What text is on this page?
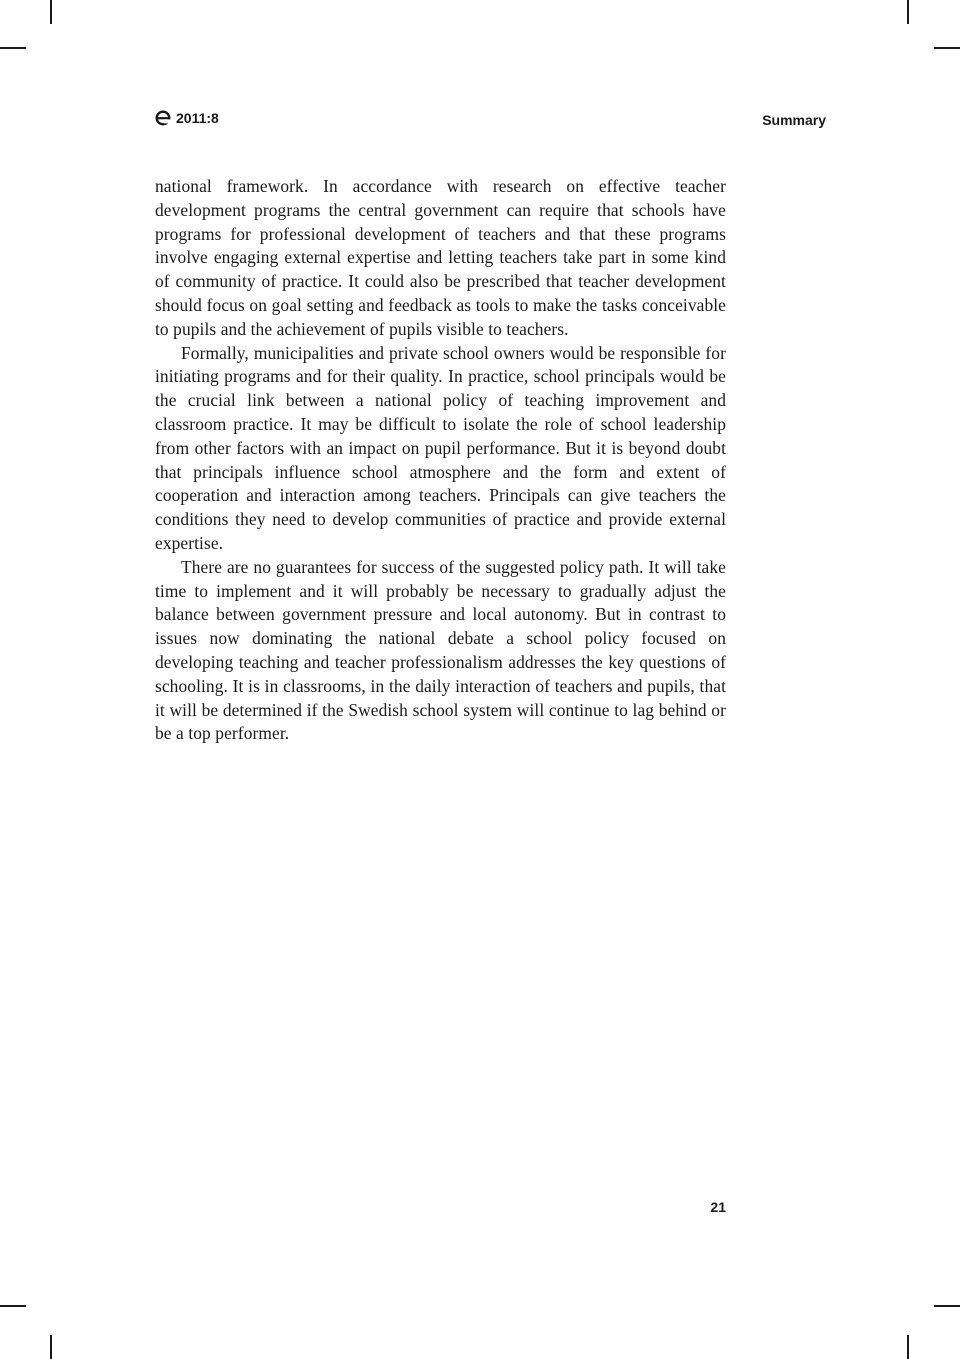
2011:8	Summary

national framework. In accordance with research on effective teacher development programs the central government can require that schools have programs for professional development of teachers and that these programs involve engaging external expertise and letting teachers take part in some kind of community of practice. It could also be prescribed that teacher development should focus on goal setting and feedback as tools to make the tasks conceivable to pupils and the achievement of pupils visible to teachers.

Formally, municipalities and private school owners would be responsible for initiating programs and for their quality. In practice, school principals would be the crucial link between a national policy of teaching improvement and classroom practice. It may be difficult to isolate the role of school leadership from other factors with an impact on pupil performance. But it is beyond doubt that principals influence school atmosphere and the form and extent of cooperation and interaction among teachers. Principals can give teachers the conditions they need to develop communities of practice and provide external expertise.

There are no guarantees for success of the suggested policy path. It will take time to implement and it will probably be necessary to gradually adjust the balance between government pressure and local autonomy. But in contrast to issues now dominating the national debate a school policy focused on developing teaching and teacher professionalism addresses the key questions of schooling. It is in classrooms, in the daily interaction of teachers and pupils, that it will be determined if the Swedish school system will continue to lag behind or be a top performer.

21
